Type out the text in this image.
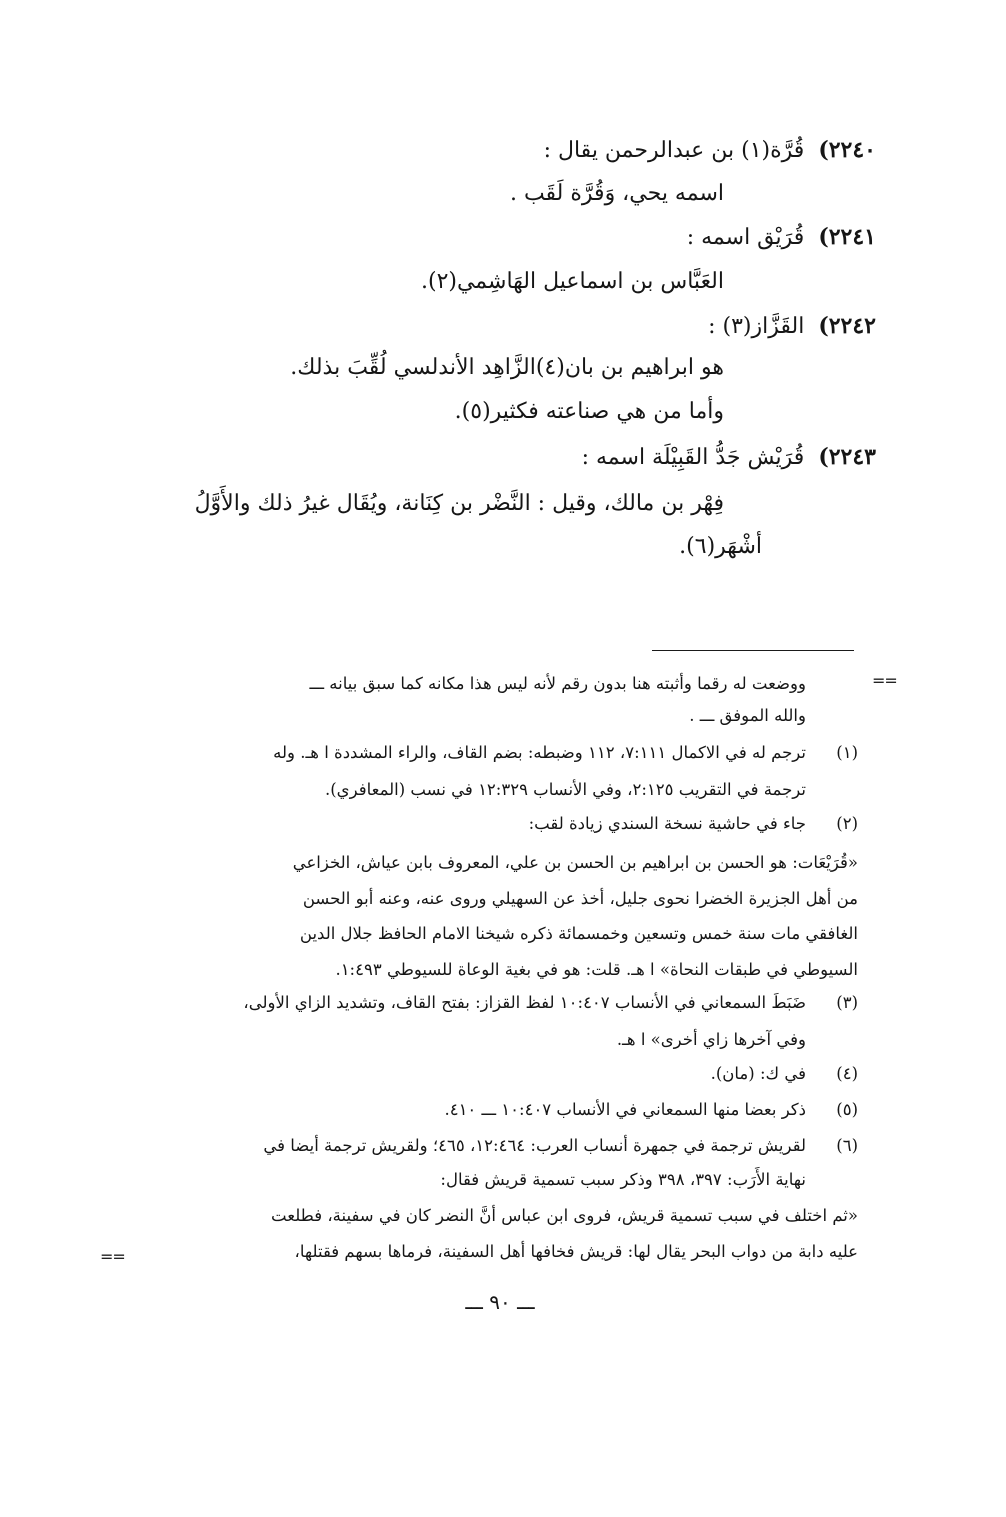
٢٢٤٠)قُرَّة(١) بن عبدالرحمن يقال :
اسمه يحي، وَقُرَّة لَقَب .
٢٢٤١)قُرَيْق اسمه :
العَبَّاس بن اسماعيل الهَاشِمي(٢).
٢٢٤٢)القَزَّاز(٣) :
هو ابراهيم بن بان(٤)الزَّاهِد الأندلسي لُقِّبَ بذلك.
وأما من هي صناعته فكثير(٥).
٢٢٤٣)قُرَيْش جَدُّ القَبِيْلَة اسمه :
فِهْر بن مالك، وقيل : النَّضْر بن كِنَانة، ويُقَال غيرُ ذلك والأَوَّلُ
أشْهَر(٦).
==
==
ووضعت له رقما وأثبته هنا بدون رقم لأنه ليس هذا مكانه كما سبق بيانه ـــ
والله الموفق ـــ .
(١)ترجم له في الاكمال ٧:١١١، ١١٢ وضبطه: بضم القاف، والراء المشددة ا هـ. وله
ترجمة في التقريب ٢:١٢٥، وفي الأنساب ١٢:٣٢٩ في نسب (المعافري).
(٢)جاء في حاشية نسخة السندي زيادة لقب:
«قُرَيْعَات: هو الحسن بن ابراهيم بن الحسن بن علي، المعروف بابن عياش، الخزاعي
من أهل الجزيرة الخضرا نحوى جليل، أخذ عن السهيلي وروى عنه، وعنه أبو الحسن
الغافقي مات سنة خمس وتسعين وخمسمائة ذكره شيخنا الامام الحافظ جلال الدين
السيوطي في طبقات النحاة» ا هـ. قلت: هو في بغية الوعاة للسيوطي ١:٤٩٣.
(٣)ضَبَطَ السمعاني في الأنساب ١٠:٤٠٧ لفظ القزاز: بفتح القاف، وتشديد الزاي الأولى،
وفي آخرها زاي أخرى» ا هـ.
(٤)في ك: (مان).
(٥)ذكر بعضا منها السمعاني في الأنساب ١٠:٤٠٧ ـــ ٤١٠.
(٦)لقريش ترجمة في جمهرة أنساب العرب: ١٢:٤٦٤، ٤٦٥؛ ولقريش ترجمة أيضا في
نهاية الأَرَب: ٣٩٧، ٣٩٨ وذكر سبب تسمية قريش فقال:
«ثم اختلف في سبب تسمية قريش، فروى ابن عباس أنَّ النضر كان في سفينة، فطلعت
عليه دابة من دواب البحر يقال لها: قريش فخافها أهل السفينة، فرماها بسهم فقتلها،
ـــ ٩٠ ـــ
